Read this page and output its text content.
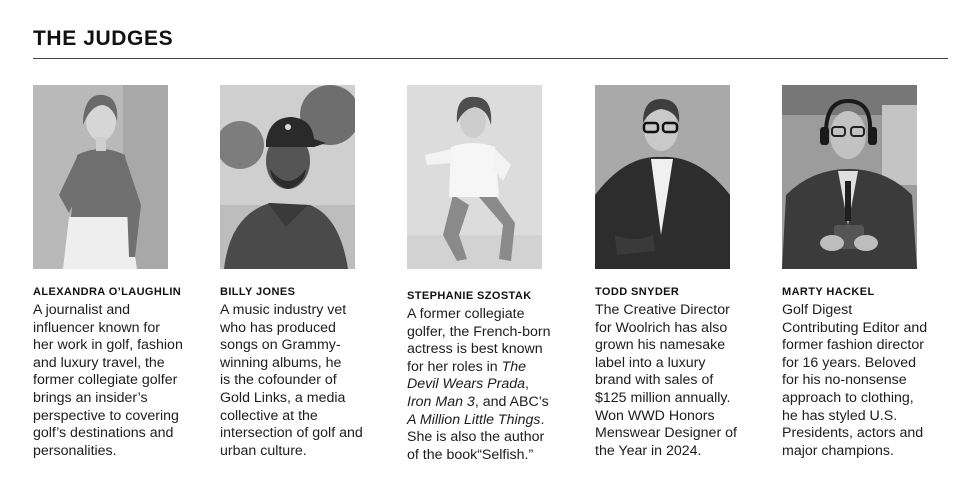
THE JUDGES
ALEXANDRA O’LAUGHLIN
A journalist and
influencer known for
her work in golf, fashion
and luxury travel, the
former collegiate golfer
brings an insider’s
perspective to covering
golf’s destinations and
personalities.
BILLY JONES
A music industry vet
who has produced
songs on Grammy-
winning albums, he
is the cofounder of
Gold Links, a media
collective at the
intersection of golf and
urban culture.
STEPHANIE SZOSTAK
A former collegiate
golfer, the French-born
actress is best known
for her roles in The
Devil Wears Prada,
Iron Man 3, and ABC’s
A Million Little Things.
She is also the author
of the book“Selfish.”
TODD SNYDER
The Creative Director
for Woolrich has also
grown his namesake
label into a luxury
brand with sales of
$125 million annually.
Won WWD Honors
Menswear Designer of
the Year in 2024.
MARTY HACKEL
Golf Digest
Contributing Editor and
former fashion director
for 16 years. Beloved
for his no-nonsense
approach to clothing,
he has styled U.S.
Presidents, actors and
major champions.
